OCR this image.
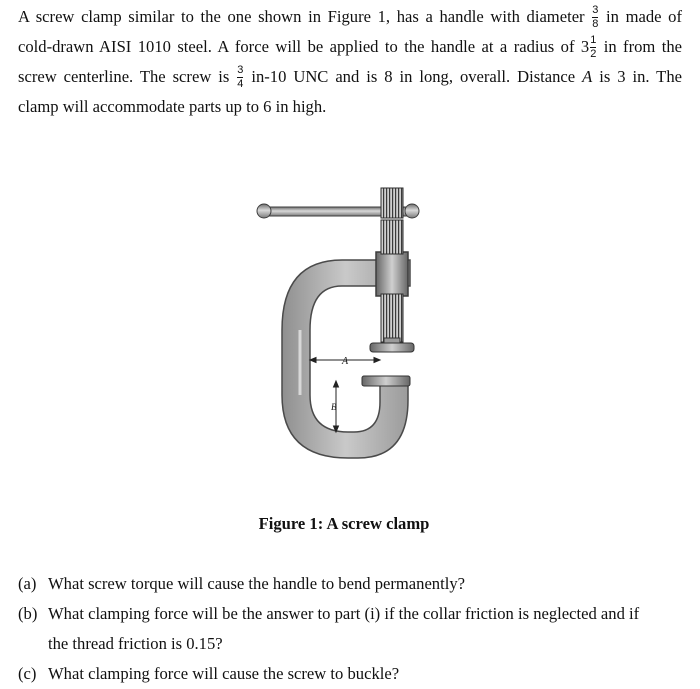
A screw clamp similar to the one shown in Figure 1, has a handle with diameter $\frac{3}{8}$ in made of
cold-drawn AISI 1010 steel. A force will be applied to the handle at a radius of $3 \frac{1}{2}$ in from the
screw centerline. The screw is $\frac{3}{4} in-10$ UNC and is 8 in long, overall. Distance A is 3 in. The
clamp will accommodate parts up to 6 in high.
A
B
Figure 1: A screw clamp
(a) What screw torque will cause the handle to bend permanently?
(b) What clamping force will be the answer to part (i) if the collar friction is neglected and if
the thread friction is 0.15?
(c) What clamping force will cause the screw to buckle?
